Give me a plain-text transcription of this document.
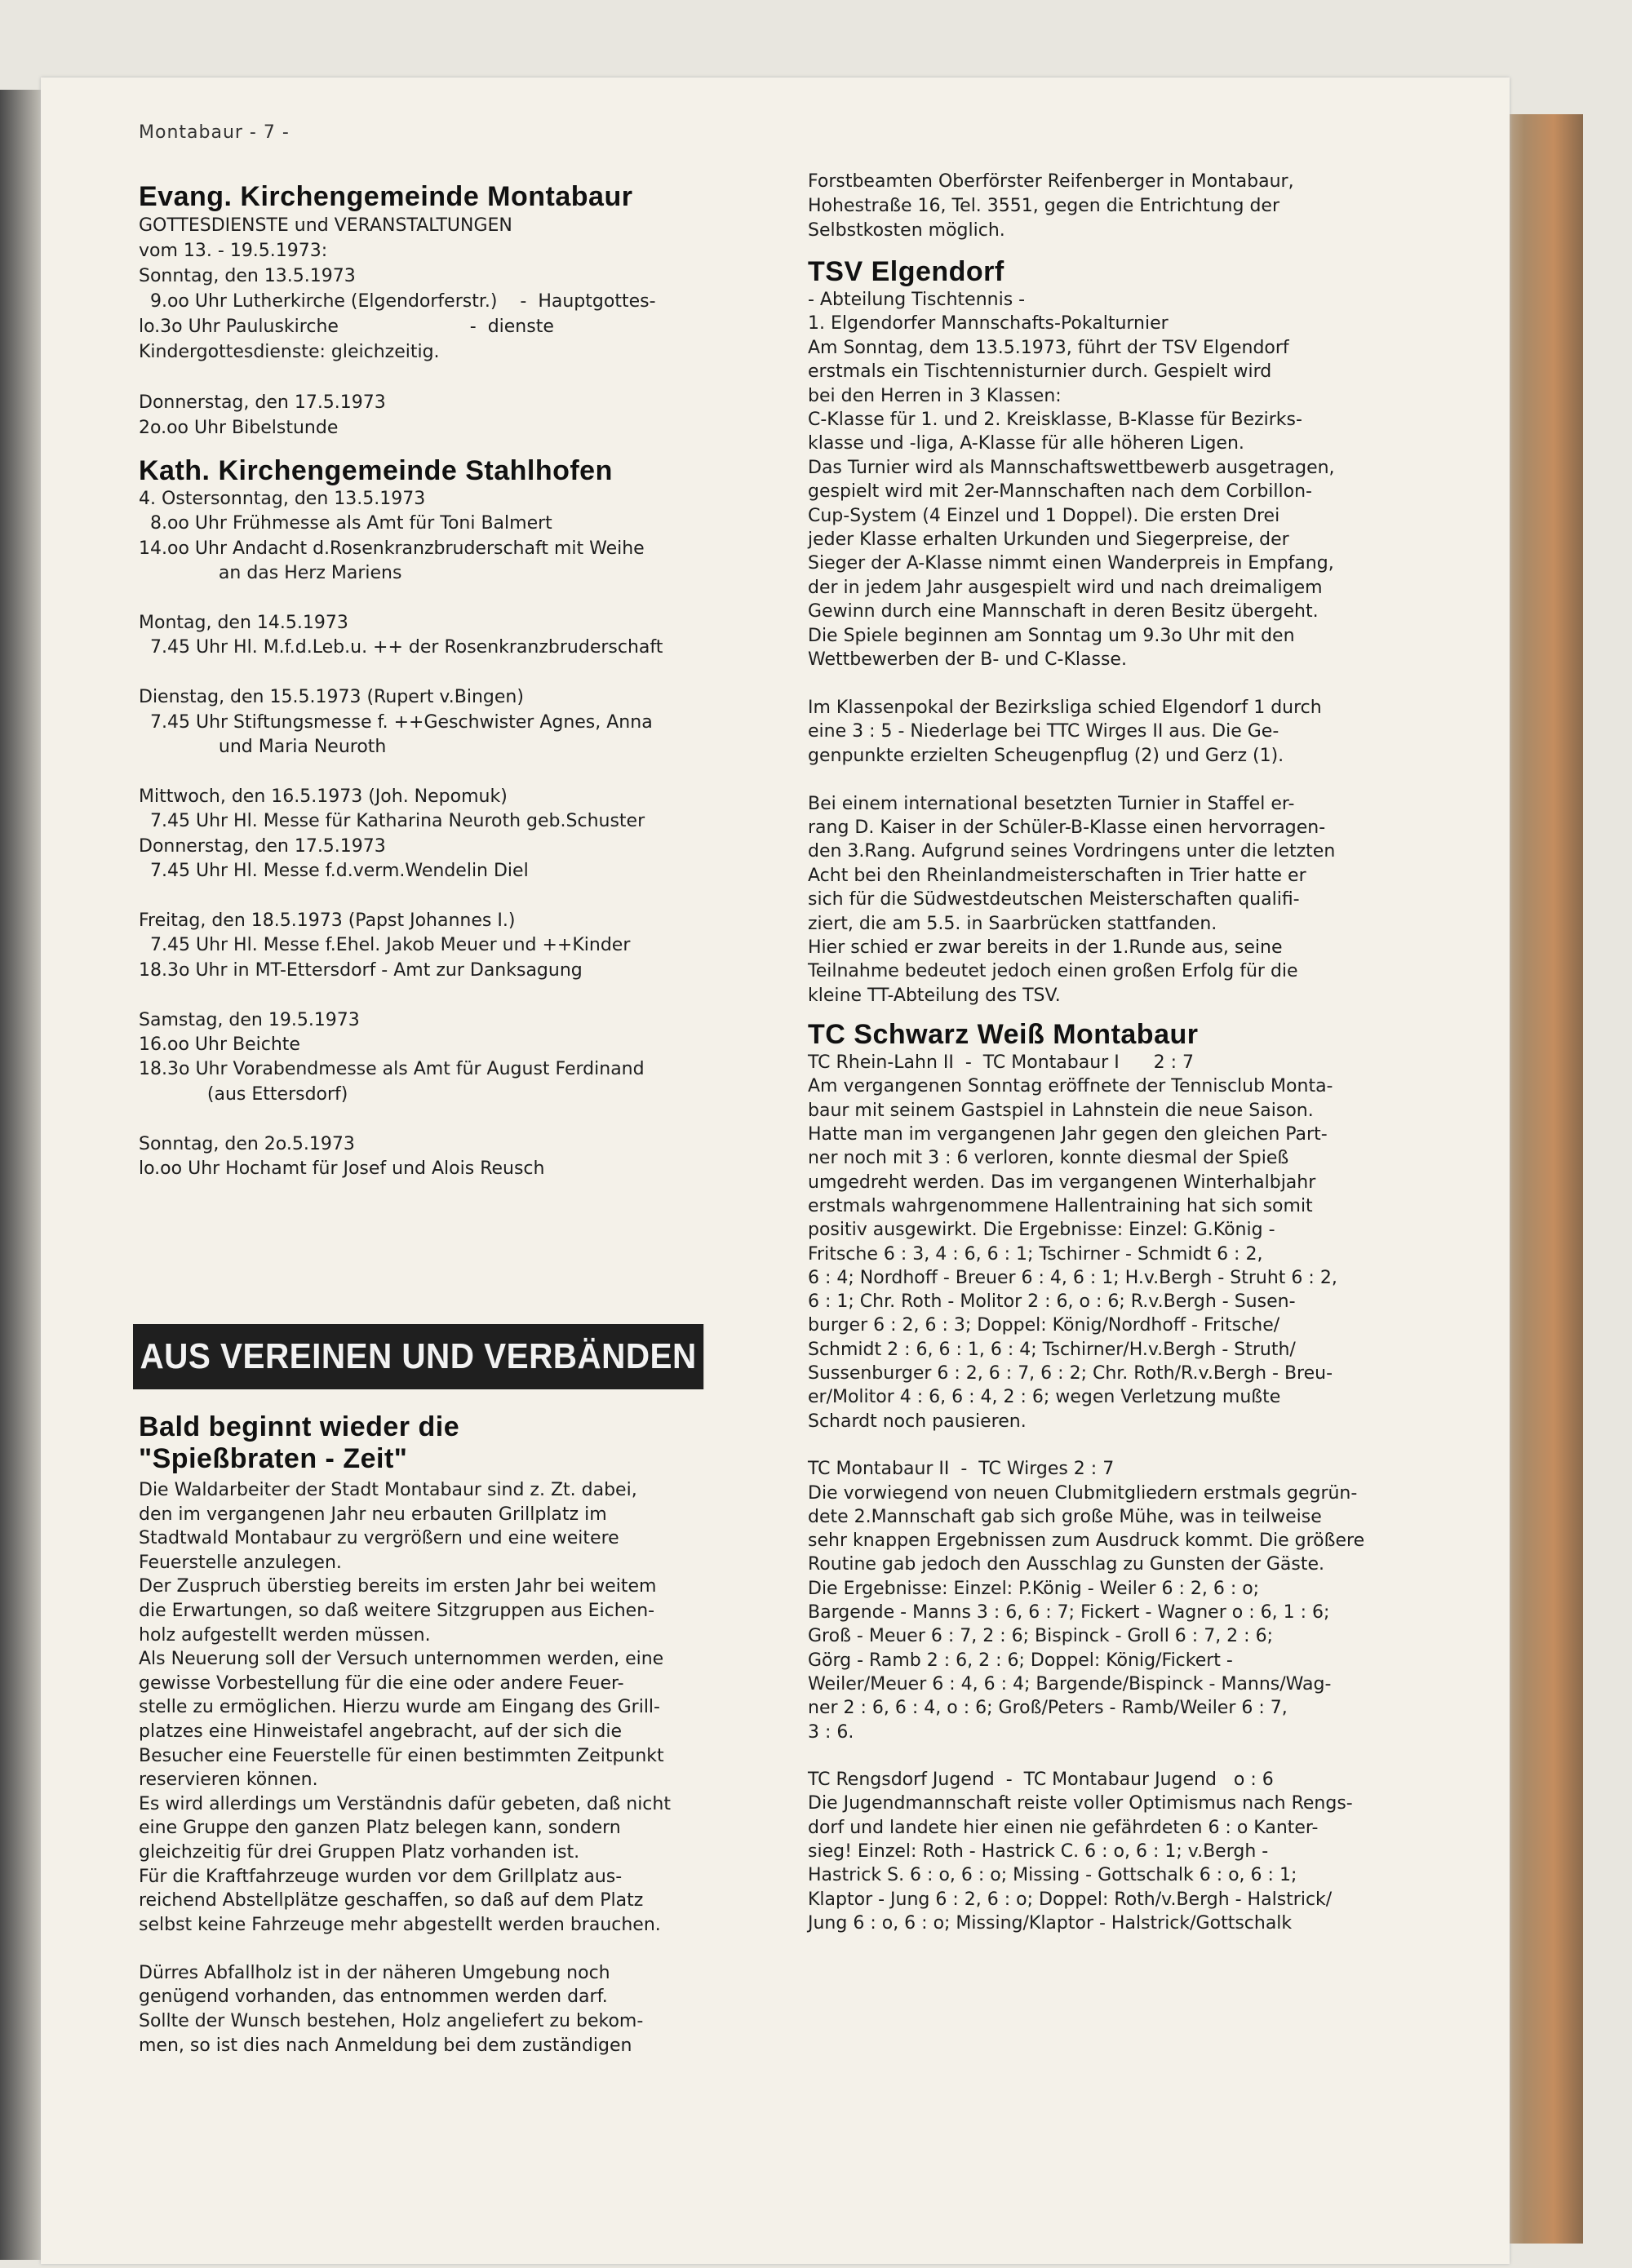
Montabaur - 7 -
Evang. Kirchengemeinde Montabaur
GOTTESDIENSTE und VERANSTALTUNGEN
vom 13. - 19.5.1973:
Sonntag, den 13.5.1973
9.oo Uhr Lutherkirche (Elgendorferstr.)    -  Hauptgottes-
lo.3o Uhr Pauluskirche                       -  dienste
Kindergottesdienste: gleichzeitig.

Donnerstag, den 17.5.1973
2o.oo Uhr Bibelstunde
Kath. Kirchengemeinde Stahlhofen
4. Ostersonntag, den 13.5.1973
8.oo Uhr Frühmesse als Amt für Toni Balmert
14.oo Uhr Andacht d.Rosenkranzbruderschaft mit Weihe
an das Herz Mariens

Montag, den 14.5.1973
7.45 Uhr Hl. M.f.d.Leb.u. ++ der Rosenkranzbruderschaft

Dienstag, den 15.5.1973 (Rupert v.Bingen)
7.45 Uhr Stiftungsmesse f. ++Geschwister Agnes, Anna
und Maria Neuroth

Mittwoch, den 16.5.1973 (Joh. Nepomuk)
7.45 Uhr Hl. Messe für Katharina Neuroth geb.Schuster
Donnerstag, den 17.5.1973
7.45 Uhr Hl. Messe f.d.verm.Wendelin Diel

Freitag, den 18.5.1973 (Papst Johannes I.)
7.45 Uhr Hl. Messe f.Ehel. Jakob Meuer und ++Kinder
18.3o Uhr in MT-Ettersdorf - Amt zur Danksagung

Samstag, den 19.5.1973
16.oo Uhr Beichte
18.3o Uhr Vorabendmesse als Amt für August Ferdinand
(aus Ettersdorf)

Sonntag, den 2o.5.1973
lo.oo Uhr Hochamt für Josef und Alois Reusch
AUS VEREINEN UND VERBÄNDEN
Bald beginnt wieder die
"Spießbraten - Zeit"
Die Waldarbeiter der Stadt Montabaur sind z. Zt. dabei,
den im vergangenen Jahr neu erbauten Grillplatz im
Stadtwald Montabaur zu vergrößern und eine weitere
Feuerstelle anzulegen.
Der Zuspruch überstieg bereits im ersten Jahr bei weitem
die Erwartungen, so daß weitere Sitzgruppen aus Eichen-
holz aufgestellt werden müssen.
Als Neuerung soll der Versuch unternommen werden, eine
gewisse Vorbestellung für die eine oder andere Feuer-
stelle zu ermöglichen. Hierzu wurde am Eingang des Grill-
platzes eine Hinweistafel angebracht, auf der sich die
Besucher eine Feuerstelle für einen bestimmten Zeitpunkt
reservieren können.
Es wird allerdings um Verständnis dafür gebeten, daß nicht
eine Gruppe den ganzen Platz belegen kann, sondern
gleichzeitig für drei Gruppen Platz vorhanden ist.
Für die Kraftfahrzeuge wurden vor dem Grillplatz aus-
reichend Abstellplätze geschaffen, so daß auf dem Platz
selbst keine Fahrzeuge mehr abgestellt werden brauchen.

Dürres Abfallholz ist in der näheren Umgebung noch
genügend vorhanden, das entnommen werden darf.
Sollte der Wunsch bestehen, Holz angeliefert zu bekom-
men, so ist dies nach Anmeldung bei dem zuständigen
Forstbeamten Oberförster Reifenberger in Montabaur,
Hohestraße 16, Tel. 3551, gegen die Entrichtung der
Selbstkosten möglich.
TSV Elgendorf
- Abteilung Tischtennis -
1. Elgendorfer Mannschafts-Pokalturnier
Am Sonntag, dem 13.5.1973, führt der TSV Elgendorf
erstmals ein Tischtennisturnier durch. Gespielt wird
bei den Herren in 3 Klassen:
C-Klasse für 1. und 2. Kreisklasse, B-Klasse für Bezirks-
klasse und -liga, A-Klasse für alle höheren Ligen.
Das Turnier wird als Mannschaftswettbewerb ausgetragen,
gespielt wird mit 2er-Mannschaften nach dem Corbillon-
Cup-System (4 Einzel und 1 Doppel). Die ersten Drei
jeder Klasse erhalten Urkunden und Siegerpreise, der
Sieger der A-Klasse nimmt einen Wanderpreis in Empfang,
der in jedem Jahr ausgespielt wird und nach dreimaligem
Gewinn durch eine Mannschaft in deren Besitz übergeht.
Die Spiele beginnen am Sonntag um 9.3o Uhr mit den
Wettbewerben der B- und C-Klasse.

Im Klassenpokal der Bezirksliga schied Elgendorf 1 durch
eine 3 : 5 - Niederlage bei TTC Wirges II aus. Die Ge-
genpunkte erzielten Scheugenpflug (2) und Gerz (1).

Bei einem international besetzten Turnier in Staffel er-
rang D. Kaiser in der Schüler-B-Klasse einen hervorragen-
den 3.Rang. Aufgrund seines Vordringens unter die letzten
Acht bei den Rheinlandmeisterschaften in Trier hatte er
sich für die Südwestdeutschen Meisterschaften qualifi-
ziert, die am 5.5. in Saarbrücken stattfanden.
Hier schied er zwar bereits in der 1.Runde aus, seine
Teilnahme bedeutet jedoch einen großen Erfolg für die
kleine TT-Abteilung des TSV.
TC Schwarz Weiß Montabaur
TC Rhein-Lahn II  -  TC Montabaur I      2 : 7
Am vergangenen Sonntag eröffnete der Tennisclub Monta-
baur mit seinem Gastspiel in Lahnstein die neue Saison.
Hatte man im vergangenen Jahr gegen den gleichen Part-
ner noch mit 3 : 6 verloren, konnte diesmal der Spieß
umgedreht werden. Das im vergangenen Winterhalbjahr
erstmals wahrgenommene Hallentraining hat sich somit
positiv ausgewirkt. Die Ergebnisse: Einzel: G.König -
Fritsche 6 : 3, 4 : 6, 6 : 1; Tschirner - Schmidt 6 : 2,
6 : 4; Nordhoff - Breuer 6 : 4, 6 : 1; H.v.Bergh - Struht 6 : 2,
6 : 1; Chr. Roth - Molitor 2 : 6, o : 6; R.v.Bergh - Susen-
burger 6 : 2, 6 : 3; Doppel: König/Nordhoff - Fritsche/
Schmidt 2 : 6, 6 : 1, 6 : 4; Tschirner/H.v.Bergh - Struth/
Sussenburger 6 : 2, 6 : 7, 6 : 2; Chr. Roth/R.v.Bergh - Breu-
er/Molitor 4 : 6, 6 : 4, 2 : 6; wegen Verletzung mußte
Schardt noch pausieren.

TC Montabaur II  -  TC Wirges 2 : 7
Die vorwiegend von neuen Clubmitgliedern erstmals gegrün-
dete 2.Mannschaft gab sich große Mühe, was in teilweise
sehr knappen Ergebnissen zum Ausdruck kommt. Die größere
Routine gab jedoch den Ausschlag zu Gunsten der Gäste.
Die Ergebnisse: Einzel: P.König - Weiler 6 : 2, 6 : o;
Bargende - Manns 3 : 6, 6 : 7; Fickert - Wagner o : 6, 1 : 6;
Groß - Meuer 6 : 7, 2 : 6; Bispinck - Groll 6 : 7, 2 : 6;
Görg - Ramb 2 : 6, 2 : 6; Doppel: König/Fickert -
Weiler/Meuer 6 : 4, 6 : 4; Bargende/Bispinck - Manns/Wag-
ner 2 : 6, 6 : 4, o : 6; Groß/Peters - Ramb/Weiler 6 : 7,
3 : 6.

TC Rengsdorf Jugend  -  TC Montabaur Jugend   o : 6
Die Jugendmannschaft reiste voller Optimismus nach Rengs-
dorf und landete hier einen nie gefährdeten 6 : o Kanter-
sieg! Einzel: Roth - Hastrick C. 6 : o, 6 : 1; v.Bergh -
Hastrick S. 6 : o, 6 : o; Missing - Gottschalk 6 : o, 6 : 1;
Klaptor - Jung 6 : 2, 6 : o; Doppel: Roth/v.Bergh - Halstrick/
Jung 6 : o, 6 : o; Missing/Klaptor - Halstrick/Gottschalk
